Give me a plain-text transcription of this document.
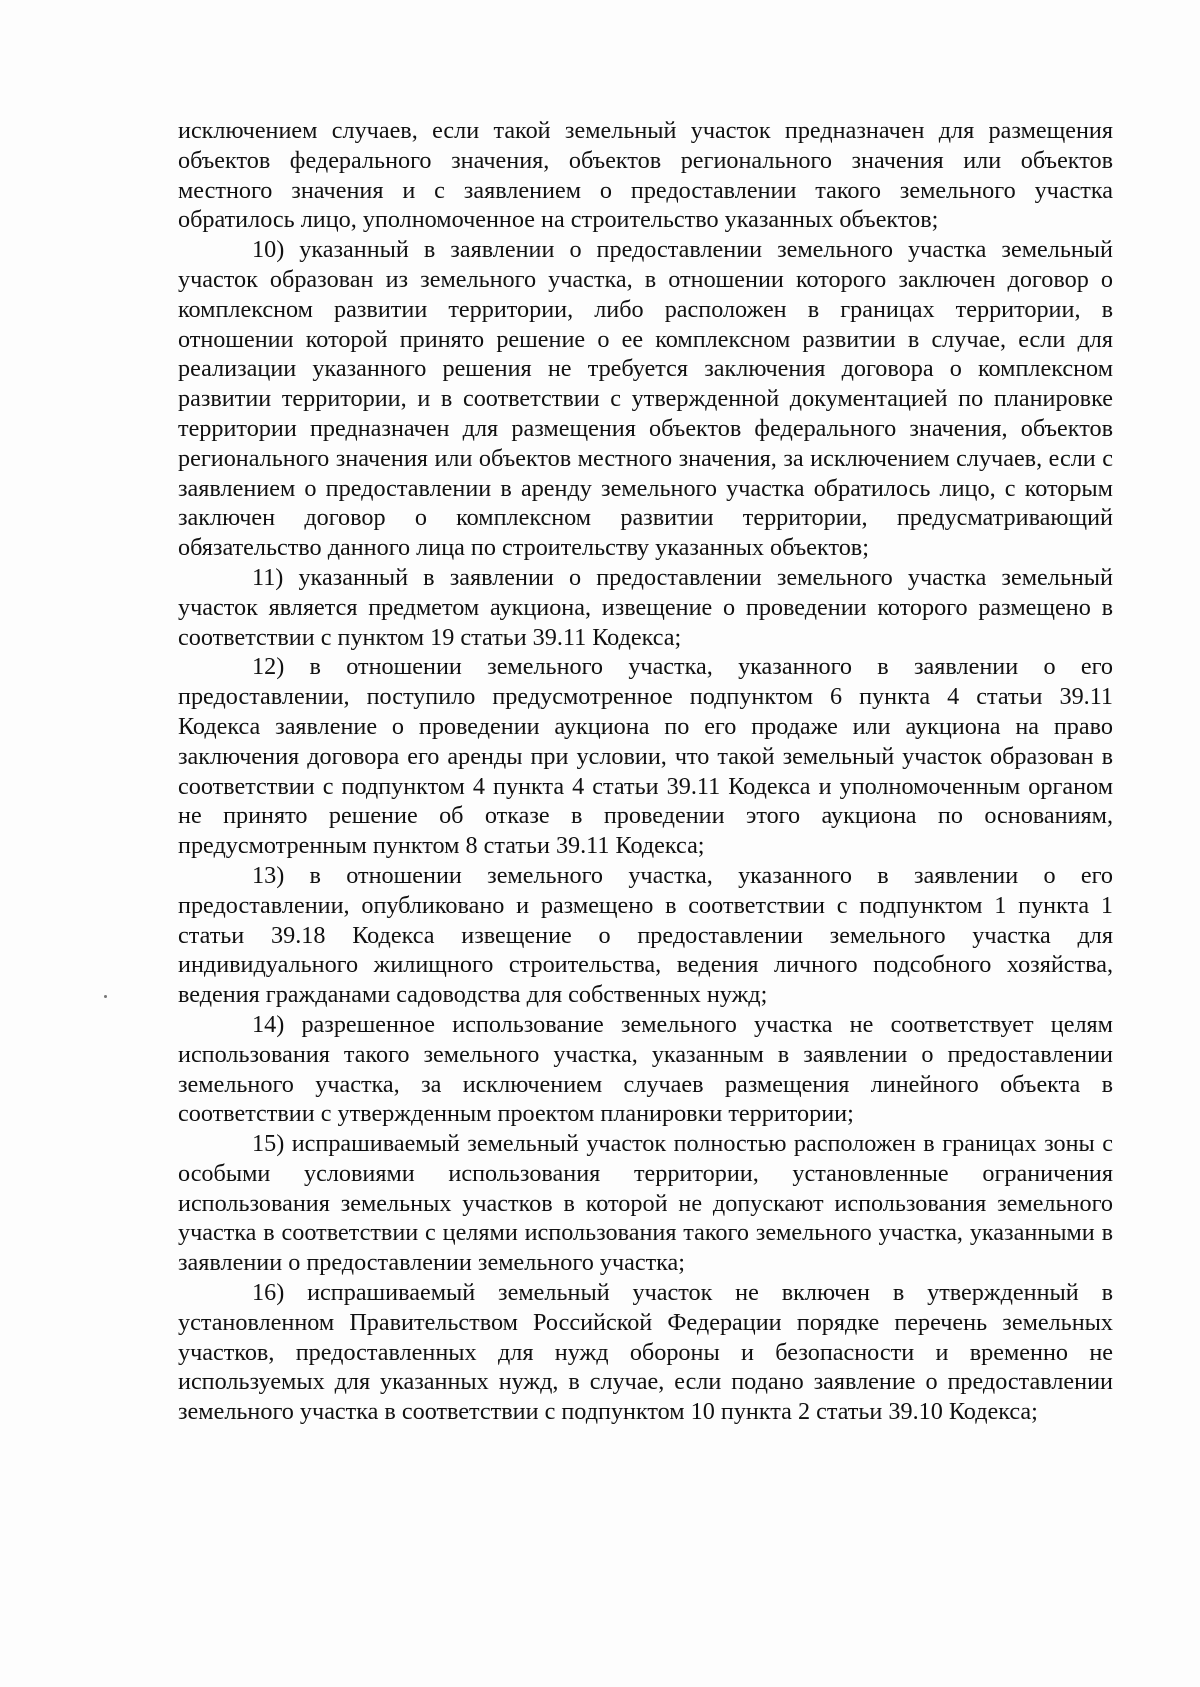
исключением случаев, если такой земельный участок предназначен для размещения объектов федерального значения, объектов регионального значения или объектов местного значения и с заявлением о предоставлении такого земельного участка обратилось лицо, уполномоченное на строительство указанных объектов;

10) указанный в заявлении о предоставлении земельного участка земельный участок образован из земельного участка, в отношении которого заключен договор о комплексном развитии территории, либо расположен в границах территории, в отношении которой принято решение о ее комплексном развитии в случае, если для реализации указанного решения не требуется заключения договора о комплексном развитии территории, и в соответствии с утвержденной документацией по планировке территории предназначен для размещения объектов федерального значения, объектов регионального значения или объектов местного значения, за исключением случаев, если с заявлением о предоставлении в аренду земельного участка обратилось лицо, с которым заключен договор о комплексном развитии территории, предусматривающий обязательство данного лица по строительству указанных объектов;

11) указанный в заявлении о предоставлении земельного участка земельный участок является предметом аукциона, извещение о проведении которого размещено в соответствии с пунктом 19 статьи 39.11 Кодекса;

12) в отношении земельного участка, указанного в заявлении о его предоставлении, поступило предусмотренное подпунктом 6 пункта 4 статьи 39.11 Кодекса заявление о проведении аукциона по его продаже или аукциона на право заключения договора его аренды при условии, что такой земельный участок образован в соответствии с подпунктом 4 пункта 4 статьи 39.11 Кодекса и уполномоченным органом не принято решение об отказе в проведении этого аукциона по основаниям, предусмотренным пунктом 8 статьи 39.11 Кодекса;

13) в отношении земельного участка, указанного в заявлении о его предоставлении, опубликовано и размещено в соответствии с подпунктом 1 пункта 1 статьи 39.18 Кодекса извещение о предоставлении земельного участка для индивидуального жилищного строительства, ведения личного подсобного хозяйства, ведения гражданами садоводства для собственных нужд;

14) разрешенное использование земельного участка не соответствует целям использования такого земельного участка, указанным в заявлении о предоставлении земельного участка, за исключением случаев размещения линейного объекта в соответствии с утвержденным проектом планировки территории;

15) испрашиваемый земельный участок полностью расположен в границах зоны с особыми условиями использования территории, установленные ограничения использования земельных участков в которой не допускают использования земельного участка в соответствии с целями использования такого земельного участка, указанными в заявлении о предоставлении земельного участка;

16) испрашиваемый земельный участок не включен в утвержденный в установленном Правительством Российской Федерации порядке перечень земельных участков, предоставленных для нужд обороны и безопасности и временно не используемых для указанных нужд, в случае, если подано заявление о предоставлении земельного участка в соответствии с подпунктом 10 пункта 2 статьи 39.10 Кодекса;
